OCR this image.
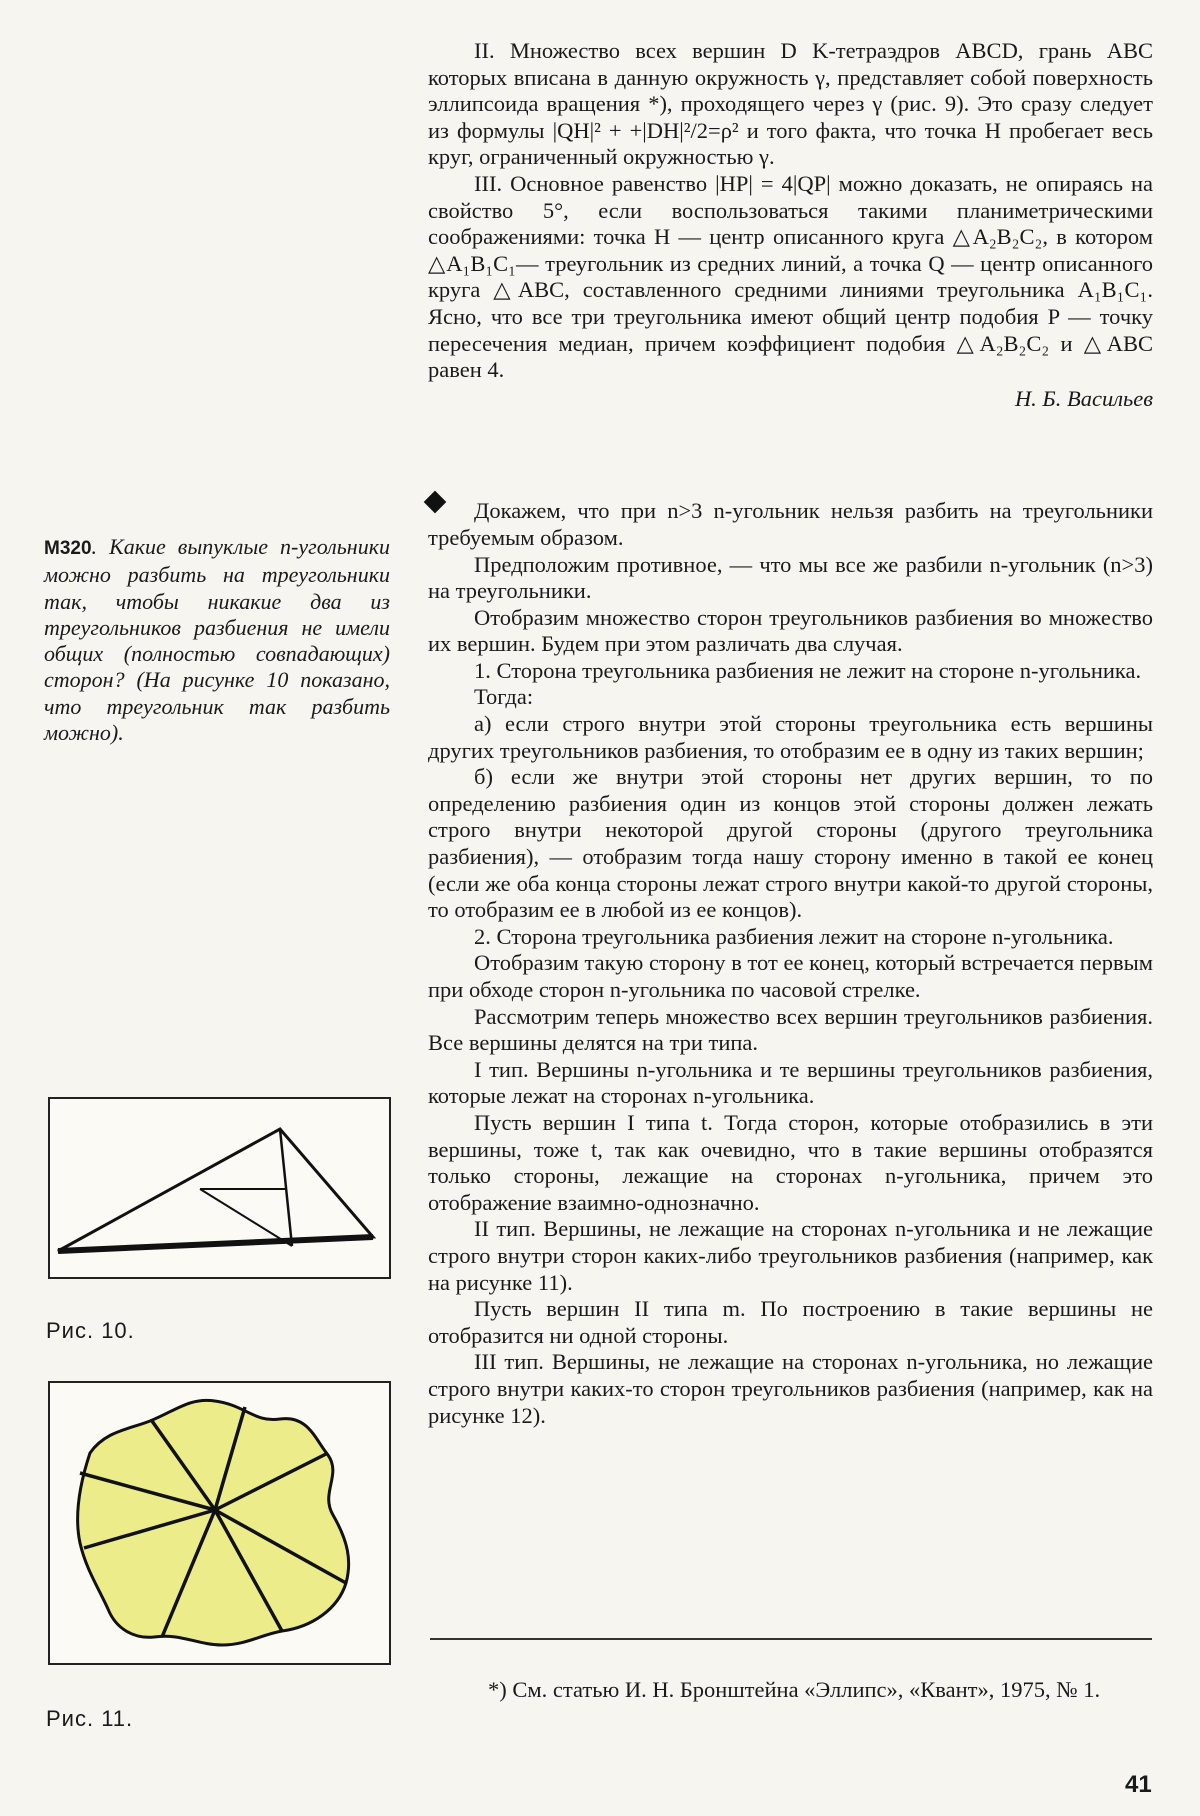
II. Множество всех вершин D K-тетраэдров ABCD, грань ABC которых вписана в данную окружность γ, представляет собой поверхность эллипсоида вращения *), проходящего через γ (рис. 9). Это сразу следует из формулы |QH|² + +|DH|²/2=ρ² и того факта, что точка H пробегает весь круг, ограниченный окружностью γ.

III. Основное равенство |HP| = 4|QP| можно доказать, не опираясь на свойство 5°, если воспользоваться такими планиметрическими соображениями: точка H — центр описанного круга △A₂B₂C₂, в котором △A₁B₁C₁— треугольник из средних линий, а точка Q — центр описанного круга △ABC, составленного средними линиями треугольника A₁B₁C₁. Ясно, что все три треугольника имеют общий центр подобия P — точку пересечения медиан, причем коэффициент подобия △A₂B₂C₂ и △ABC равен 4.

Н. Б. Васильев

Докажем, что при n>3 n-угольник нельзя разбить на треугольники требуемым образом.

Предположим противное, — что мы все же разбили n-угольник (n>3) на треугольники.

Отобразим множество сторон треугольников разбиения во множество их вершин. Будем при этом различать два случая.

1. Сторона треугольника разбиения не лежит на стороне n-угольника.

Тогда:

а) если строго внутри этой стороны треугольника есть вершины других треугольников разбиения, то отобразим ее в одну из таких вершин;

б) если же внутри этой стороны нет других вершин, то по определению разбиения один из концов этой стороны должен лежать строго внутри некоторой другой стороны (другого треугольника разбиения), — отобразим тогда нашу сторону именно в такой ее конец (если же оба конца стороны лежат строго внутри какой-то другой стороны, то отобразим ее в любой из ее концов).

2. Сторона треугольника разбиения лежит на стороне n-угольника.

Отобразим такую сторону в тот ее конец, который встречается первым при обходе сторон n-угольника по часовой стрелке.

Рассмотрим теперь множество всех вершин треугольников разбиения. Все вершины делятся на три типа.

I тип. Вершины n-угольника и те вершины треугольников разбиения, которые лежат на сторонах n-угольника.

Пусть вершин I типа t. Тогда сторон, которые отобразились в эти вершины, тоже t, так как очевидно, что в такие вершины отобразятся только стороны, лежащие на сторонах n-угольника, причем это отображение взаимно-однозначно.

II тип. Вершины, не лежащие на сторонах n-угольника и не лежащие строго внутри сторон каких-либо треугольников разбиения (например, как на рисунке 11).

Пусть вершин II типа m. По построению в такие вершины не отобразится ни одной стороны.

III тип. Вершины, не лежащие на сторонах n-угольника, но лежащие строго внутри каких-то сторон треугольников разбиения (например, как на рисунке 12).

М320. Какие выпуклые n-угольники можно разбить на треугольники так, чтобы никакие два из треугольников разбиения не имели общих (полностью совпадающих) сторон? (На рисунке 10 показано, что треугольник так разбить можно).
Рис. 10.
Рис. 11.

*) См. статью И. Н. Бронштейна «Эллипс», «Квант», 1975, № 1.

41
